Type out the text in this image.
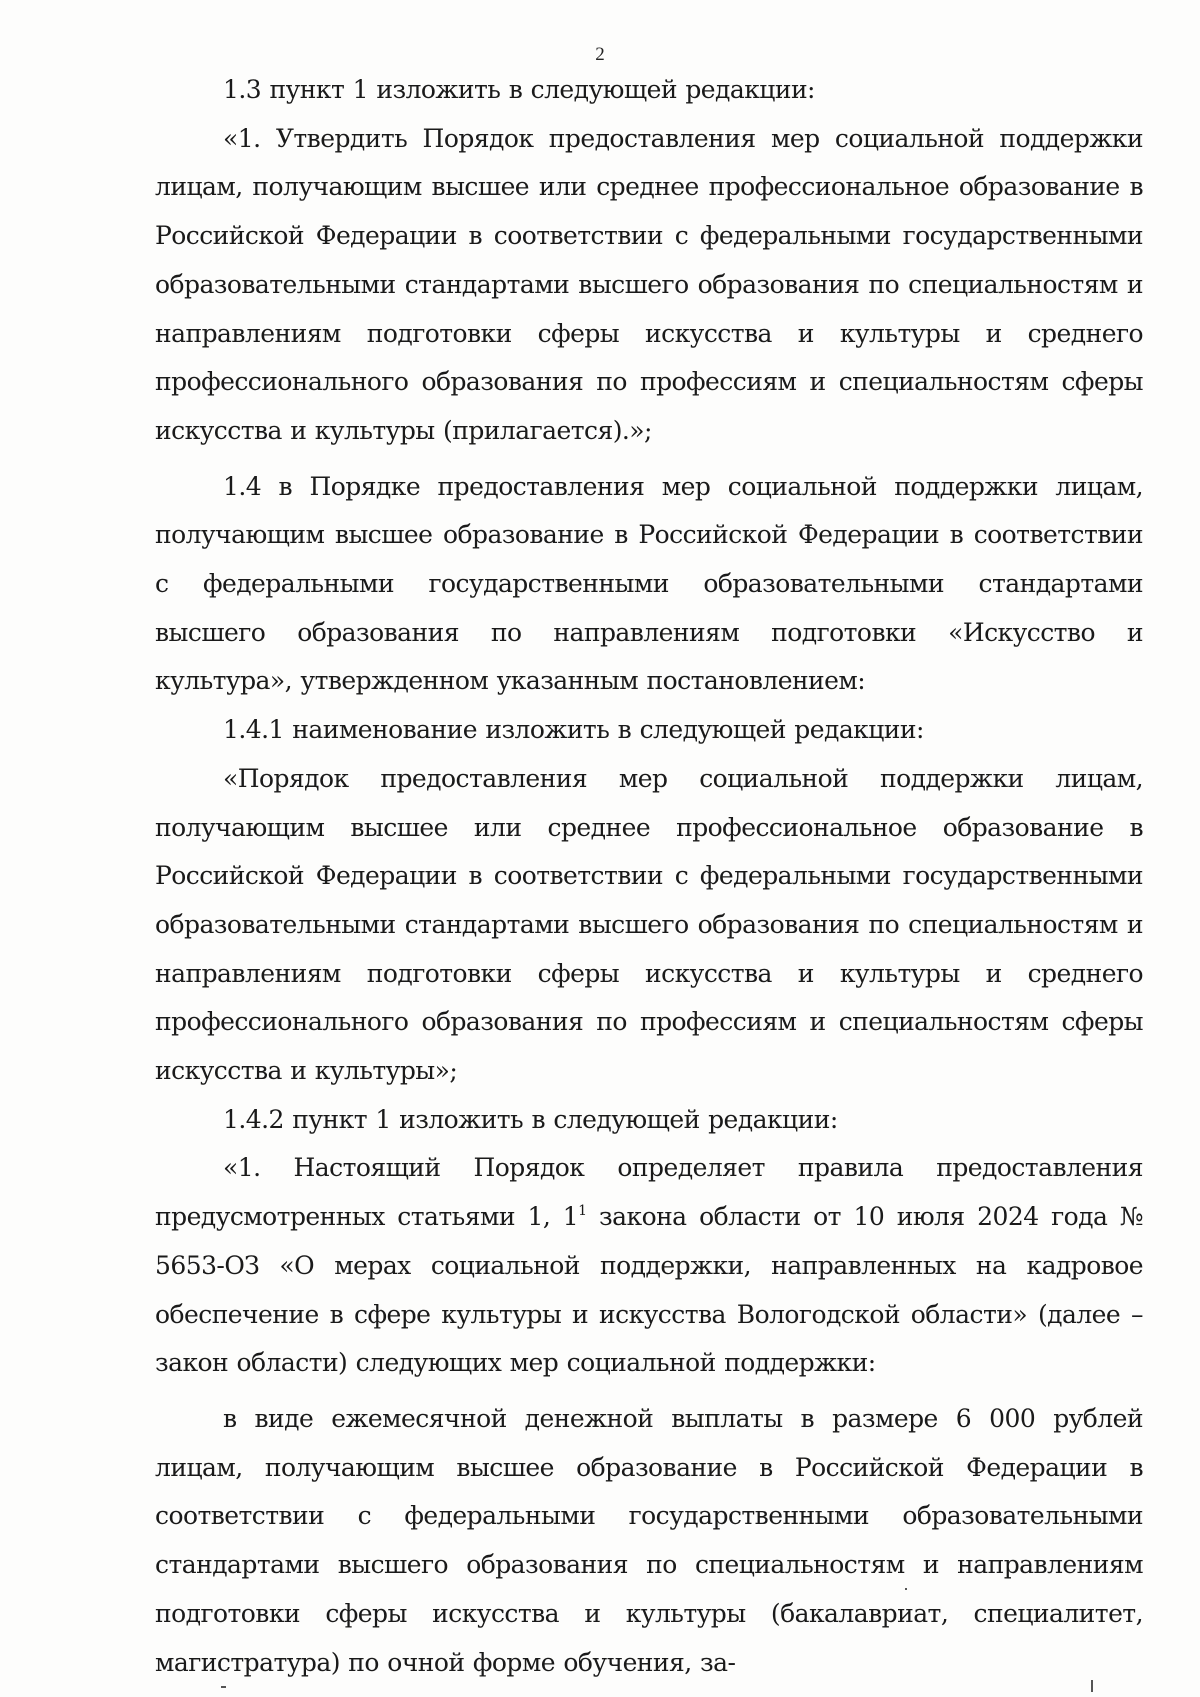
2

1.3 пункт 1 изложить в следующей редакции:

«1. Утвердить Порядок предоставления мер социальной поддержки лицам, получающим высшее или среднее профессиональное образование в Российской Федерации в соответствии с федеральными государственными образовательными стандартами высшего образования по специальностям и направлениям подготовки сферы искусства и культуры и среднего профессионального образования по профессиям и специальностям сферы искусства и культуры (прилагается).»;

1.4 в Порядке предоставления мер социальной поддержки лицам, получающим высшее образование в Российской Федерации в соответствии с федеральными государственными образовательными стандартами высшего образования по направлениям подготовки «Искусство и культура», утвержденном указанным постановлением:

1.4.1 наименование изложить в следующей редакции:

«Порядок предоставления мер социальной поддержки лицам, получающим высшее или среднее профессиональное образование в Российской Федерации в соответствии с федеральными государственными образовательными стандартами высшего образования по специальностям и направлениям подготовки сферы искусства и культуры и среднего профессионального образования по профессиям и специальностям сферы искусства и культуры»;

1.4.2 пункт 1 изложить в следующей редакции:

«1. Настоящий Порядок определяет правила предоставления предусмотренных статьями 1, $1^1$ закона области от 10 июля 2024 года № 5653-ОЗ «О мерах социальной поддержки, направленных на кадровое обеспечение в сфере культуры и искусства Вологодской области» (далее – закон области) следующих мер социальной поддержки:

в виде ежемесячной денежной выплаты в размере 6 000 рублей лицам, получающим высшее образование в Российской Федерации в соответствии с федеральными государственными образовательными стандартами высшего образования по специальностям и направлениям подготовки сферы искусства и культуры (бакалавриат, специалитет, магистратура) по очной форме обучения, за-
